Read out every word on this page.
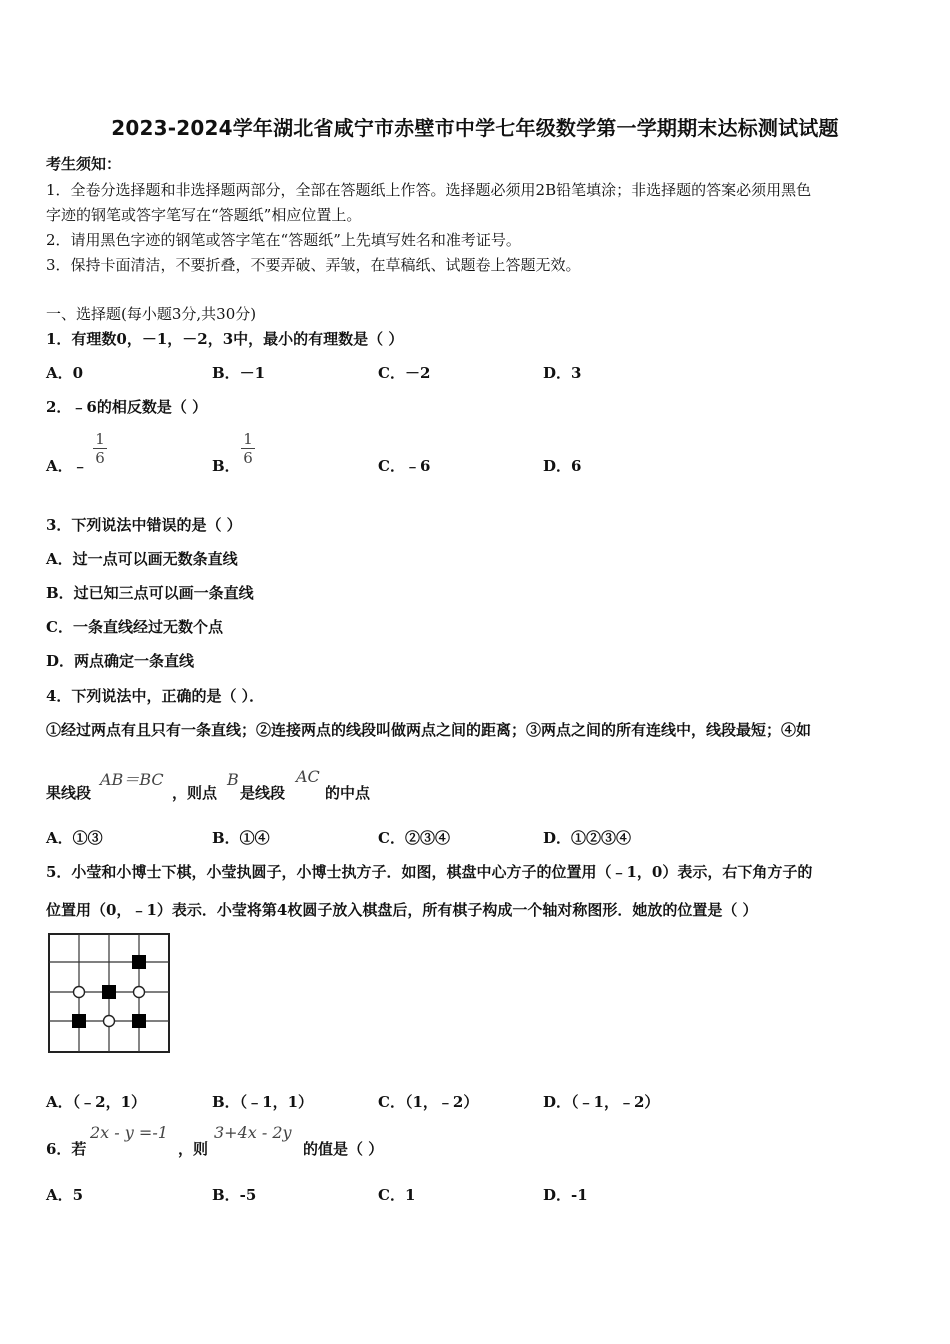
2023-2024学年湖北省咸宁市赤壁市中学七年级数学第一学期期末达标测试试题
考生须知：
1．全卷分选择题和非选择题两部分，全部在答题纸上作答。选择题必须用2B铅笔填涂；非选择题的答案必须用黑色
字迹的钢笔或答字笔写在“答题纸”相应位置上。
2．请用黑色字迹的钢笔或答字笔在“答题纸”上先填写姓名和准考证号。
3．保持卡面清洁，不要折叠，不要弄破、弄皱，在草稿纸、试题卷上答题无效。
一、选择题(每小题3分,共30分)
1．有理数0，－1，－2，3中，最小的有理数是（ ）
A．0	B．－1	C．－2	D．3
2．﹣6的相反数是（ ）
A．﹣
1
6	B．
1
6	C．﹣6	D．6
3．下列说法中错误的是（ ）
A．过一点可以画无数条直线
B．过已知三点可以画一条直线
C．一条直线经过无数个点
D．两点确定一条直线
4．下列说法中，正确的是（ ）．
①经过两点有且只有一条直线；②连接两点的线段叫做两点之间的距离；③两点之间的所有连线中，线段最短；④如
果线段
AB＝BC
，则点
B
是线段
AC
的中点
A．①③	B．①④	C．②③④	D．①②③④
5．小莹和小博士下棋，小莹执圆子，小博士执方子．如图，棋盘中心方子的位置用（﹣1，0）表示，右下角方子的
位置用（0，﹣1）表示．小莹将第4枚圆子放入棋盘后，所有棋子构成一个轴对称图形．她放的位置是（ ）
A．（﹣2，1）	B．（﹣1，1）	C．（1，﹣2）	D．（﹣1，﹣2）
6．若
2x - y =-1
，则
3+4x - 2y
的值是（ ）
A．5	B．-5	C．1	D．-1
